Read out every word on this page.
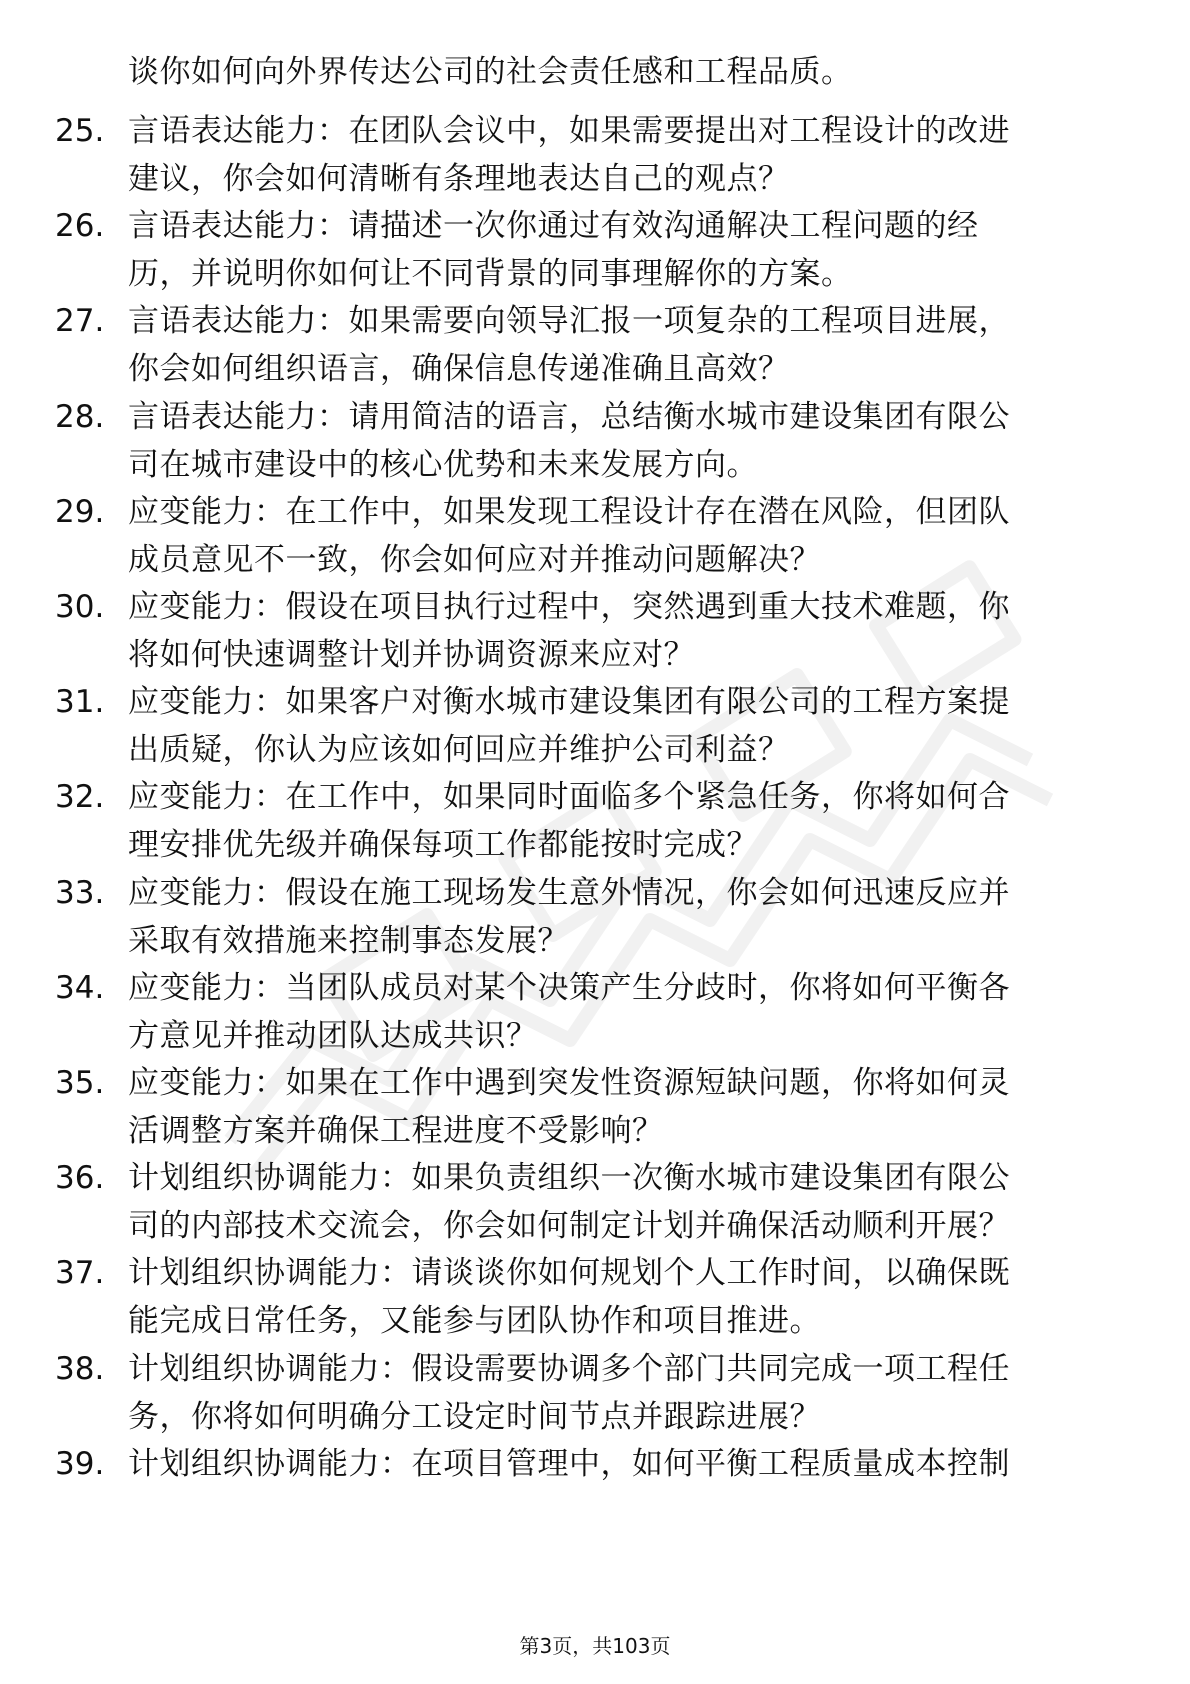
谈你如何向外界传达公司的社会责任感和工程品质。
25. 言语表达能力：在团队会议中，如果需要提出对工程设计的改进
建议，你会如何清晰有条理地表达自己的观点？
26. 言语表达能力：请描述一次你通过有效沟通解决工程问题的经
历，并说明你如何让不同背景的同事理解你的方案。
27. 言语表达能力：如果需要向领导汇报一项复杂的工程项目进展，
你会如何组织语言，确保信息传递准确且高效？
28. 言语表达能力：请用简洁的语言，总结衡水城市建设集团有限公
司在城市建设中的核心优势和未来发展方向。
29. 应变能力：在工作中，如果发现工程设计存在潜在风险，但团队
成员意见不一致，你会如何应对并推动问题解决？
30. 应变能力：假设在项目执行过程中，突然遇到重大技术难题，你
将如何快速调整计划并协调资源来应对？
31. 应变能力：如果客户对衡水城市建设集团有限公司的工程方案提
出质疑，你认为应该如何回应并维护公司利益？
32. 应变能力：在工作中，如果同时面临多个紧急任务，你将如何合
理安排优先级并确保每项工作都能按时完成？
33. 应变能力：假设在施工现场发生意外情况，你会如何迅速反应并
采取有效措施来控制事态发展？
34. 应变能力：当团队成员对某个决策产生分歧时，你将如何平衡各
方意见并推动团队达成共识？
35. 应变能力：如果在工作中遇到突发性资源短缺问题，你将如何灵
活调整方案并确保工程进度不受影响？
36. 计划组织协调能力：如果负责组织一次衡水城市建设集团有限公
司的内部技术交流会，你会如何制定计划并确保活动顺利开展？
37. 计划组织协调能力：请谈谈你如何规划个人工作时间，以确保既
能完成日常任务，又能参与团队协作和项目推进。
38. 计划组织协调能力：假设需要协调多个部门共同完成一项工程任
务，你将如何明确分工设定时间节点并跟踪进展？
39. 计划组织协调能力：在项目管理中，如何平衡工程质量成本控制
第3页，共103页
